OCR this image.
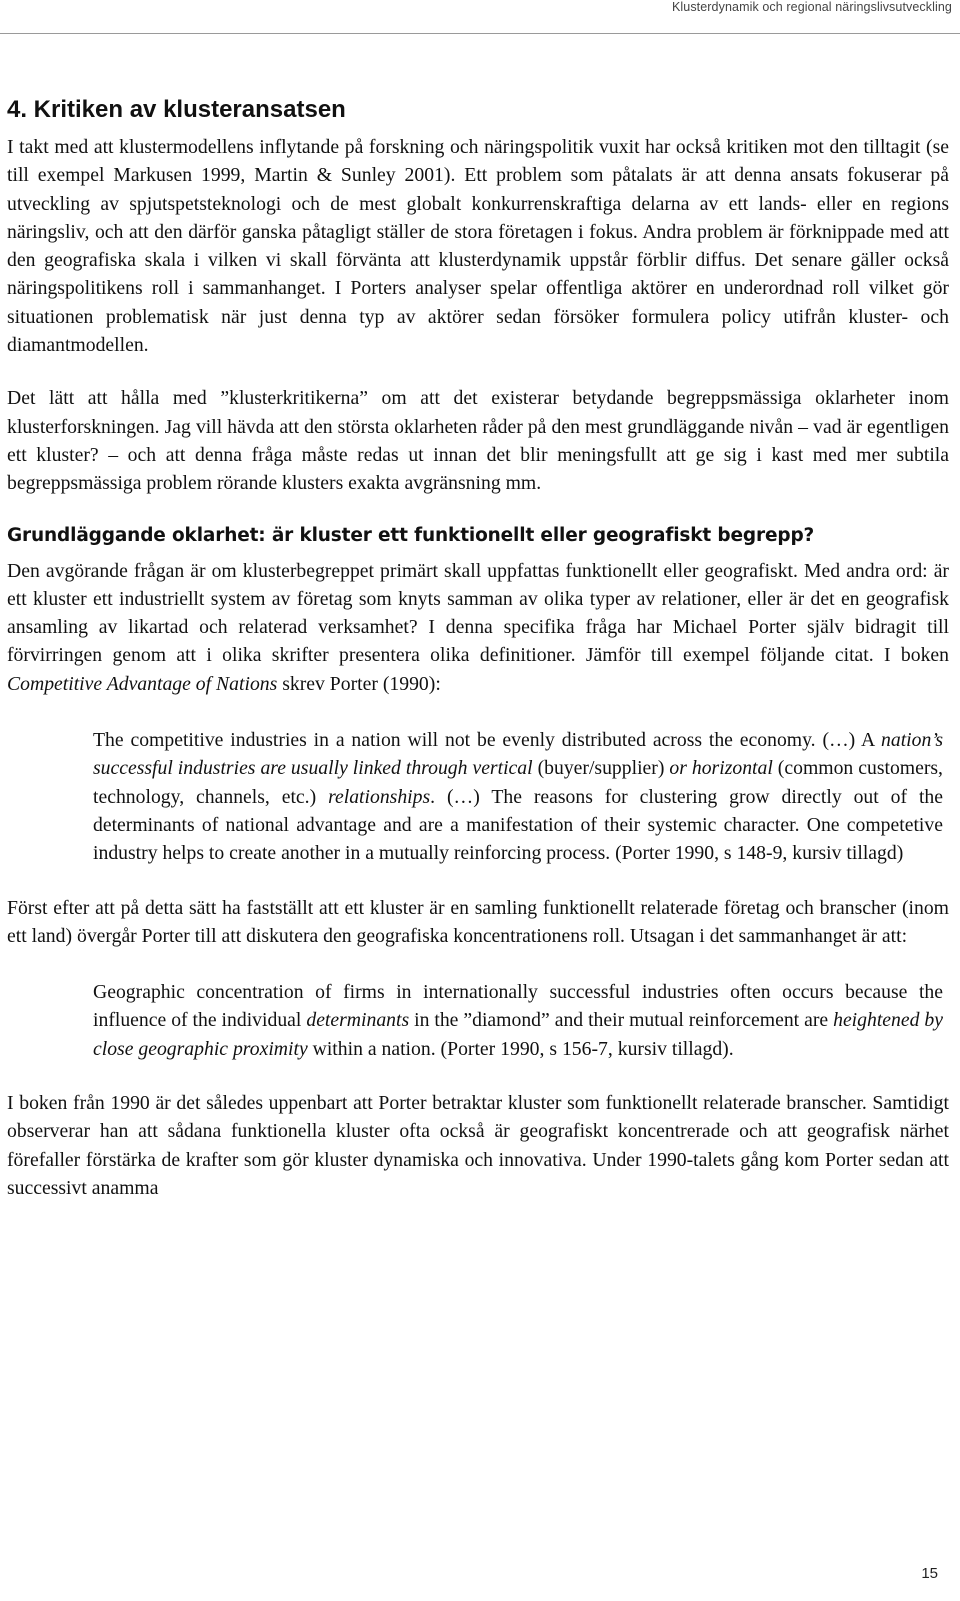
Klusterdynamik och regional näringslivsutveckling
4. Kritiken av klusteransatsen

I takt med att klustermodellens inflytande på forskning och näringspolitik vuxit har också kritiken mot den tilltagit (se till exempel Markusen 1999, Martin & Sunley 2001). Ett problem som påtalats är att denna ansats fokuserar på utveckling av spjutspetsteknologi och de mest globalt konkurrenskraftiga delarna av ett lands- eller en regions näringsliv, och att den därför ganska påtagligt ställer de stora företagen i fokus. Andra problem är förknippade med att den geografiska skala i vilken vi skall förvänta att klusterdynamik uppstår förblir diffus. Det senare gäller också näringspolitikens roll i sammanhanget. I Porters analyser spelar offentliga aktörer en underordnad roll vilket gör situationen problematisk när just denna typ av aktörer sedan försöker formulera policy utifrån kluster- och diamantmodellen.

Det lätt att hålla med ”klusterkritikerna” om att det existerar betydande begreppsmässiga oklarheter inom klusterforskningen. Jag vill hävda att den största oklarheten råder på den mest grundläggande nivån – vad är egentligen ett kluster? – och att denna fråga måste redas ut innan det blir meningsfullt att ge sig i kast med mer subtila begreppsmässiga problem rörande klusters exakta avgränsning mm.

Grundläggande oklarhet: är kluster ett funktionellt eller geografiskt begrepp?

Den avgörande frågan är om klusterbegreppet primärt skall uppfattas funktionellt eller geografiskt. Med andra ord: är ett kluster ett industriellt system av företag som knyts samman av olika typer av relationer, eller är det en geografisk ansamling av likartad och relaterad verksamhet? I denna specifika fråga har Michael Porter själv bidragit till förvirringen genom att i olika skrifter presentera olika definitioner. Jämför till exempel följande citat. I boken Competitive Advantage of Nations skrev Porter (1990):

The competitive industries in a nation will not be evenly distributed across the economy. (…) A nation’s successful industries are usually linked through vertical (buyer/supplier) or horizontal (common customers, technology, channels, etc.) relationships. (…) The reasons for clustering grow directly out of the determinants of national advantage and are a manifestation of their systemic character. One competetive industry helps to create another in a mutually reinforcing process. (Porter 1990, s 148-9, kursiv tillagd)

Först efter att på detta sätt ha fastställt att ett kluster är en samling funktionellt relaterade företag och branscher (inom ett land) övergår Porter till att diskutera den geografiska koncentrationens roll. Utsagan i det sammanhanget är att:

Geographic concentration of firms in internationally successful industries often occurs because the influence of the individual determinants in the ”diamond” and their mutual reinforcement are heightened by close geographic proximity within a nation. (Porter 1990, s 156-7, kursiv tillagd).

I boken från 1990 är det således uppenbart att Porter betraktar kluster som funktionellt relaterade branscher. Samtidigt observerar han att sådana funktionella kluster ofta också är geografiskt koncentrerade och att geografisk närhet förefaller förstärka de krafter som gör kluster dynamiska och innovativa. Under 1990-talets gång kom Porter sedan att successivt anamma

15
